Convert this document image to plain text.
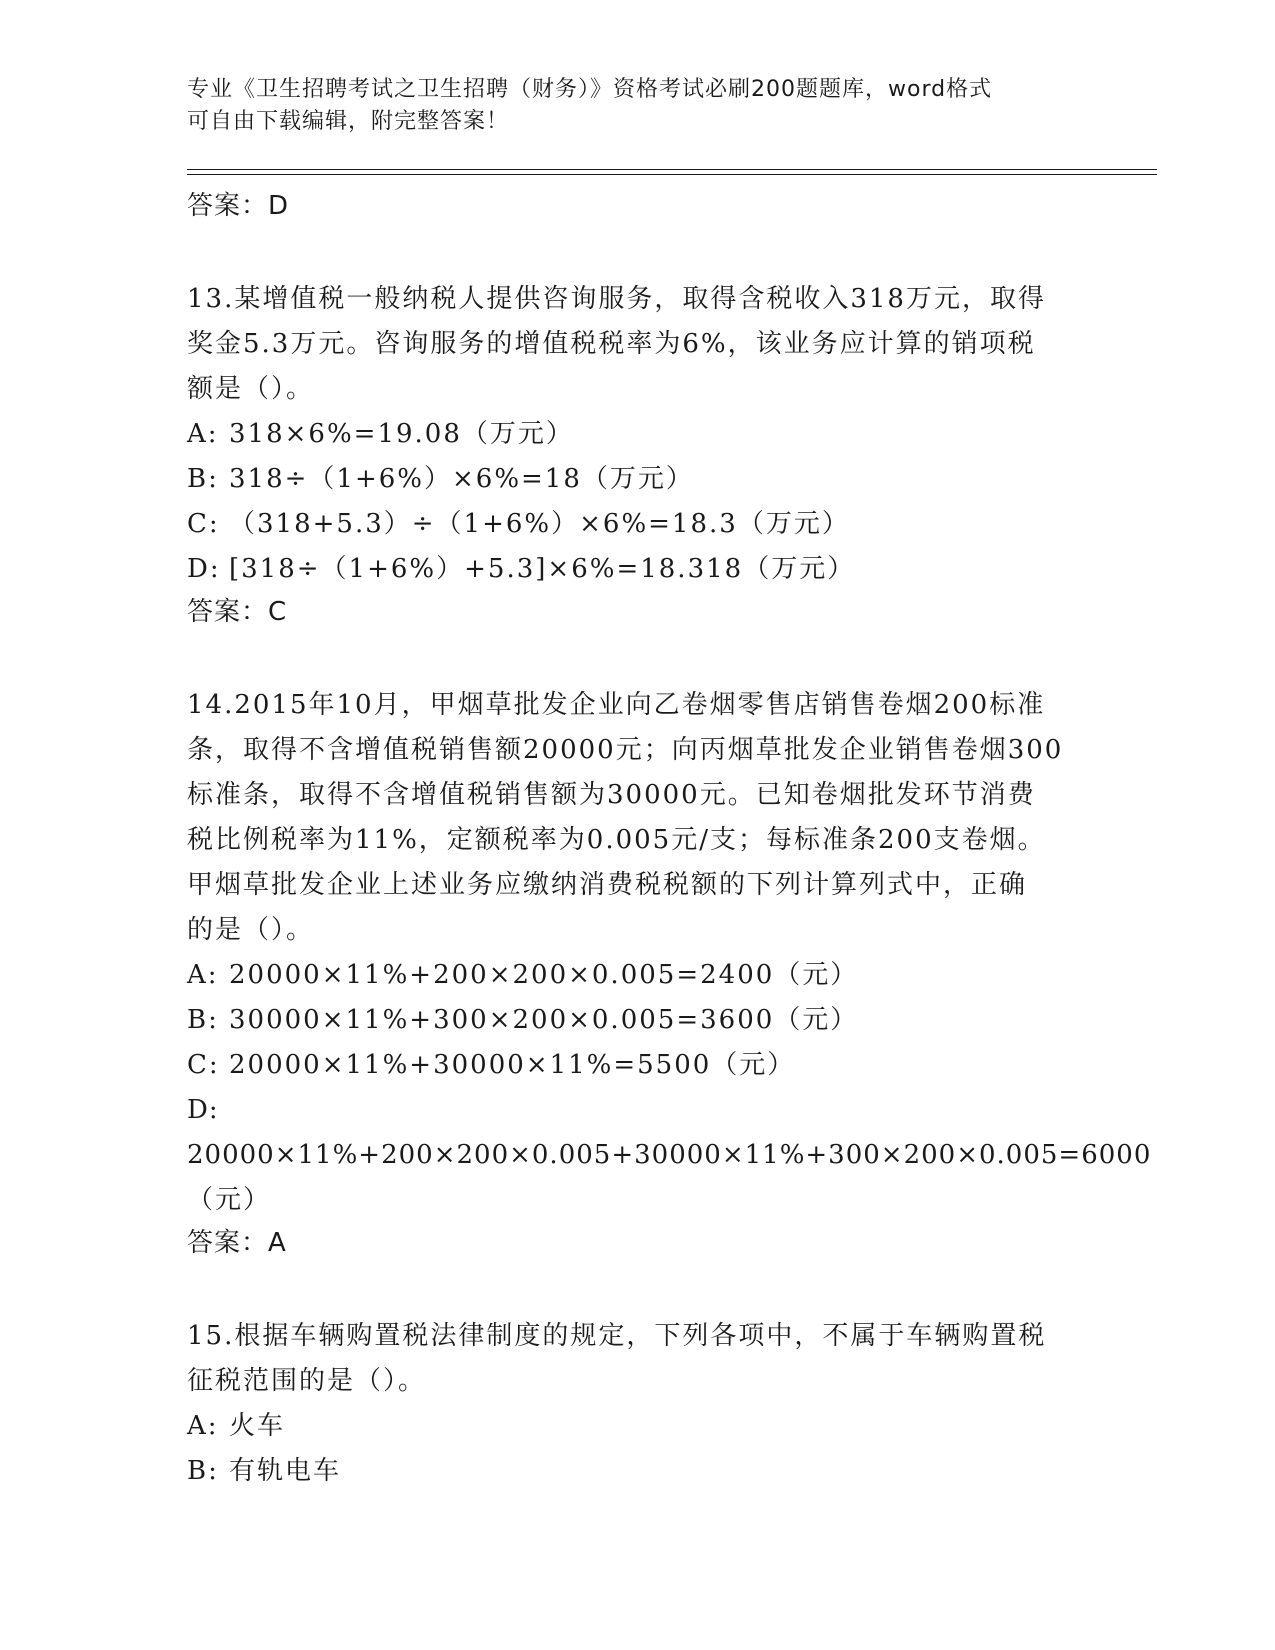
专业《卫生招聘考试之卫生招聘（财务）》资格考试必刷200题题库，word格式
可自由下载编辑，附完整答案！
答案：D
13.某增值税一般纳税人提供咨询服务，取得含税收入318万元，取得
奖金5.3万元。咨询服务的增值税税率为6%，该业务应计算的销项税
额是（）。
A: 318×6%=19.08（万元）
B: 318÷（1+6%）×6%=18（万元）
C: （318+5.3）÷（1+6%）×6%=18.3（万元）
D: [318÷（1+6%）+5.3]×6%=18.318（万元）
答案：C
14.2015年10月，甲烟草批发企业向乙卷烟零售店销售卷烟200标准
条，取得不含增值税销售额20000元；向丙烟草批发企业销售卷烟300
标准条，取得不含增值税销售额为30000元。已知卷烟批发环节消费
税比例税率为11%，定额税率为0.005元/支；每标准条200支卷烟。
甲烟草批发企业上述业务应缴纳消费税税额的下列计算列式中，正确
的是（）。
A: 20000×11%+200×200×0.005=2400（元）
B: 30000×11%+300×200×0.005=3600（元）
C: 20000×11%+30000×11%=5500（元）
D:20000×11%+200×200×0.005+30000×11%+300×200×0.005=6000
（元）
答案：A
15.根据车辆购置税法律制度的规定，下列各项中，不属于车辆购置税
征税范围的是（）。
A: 火车
B: 有轨电车
